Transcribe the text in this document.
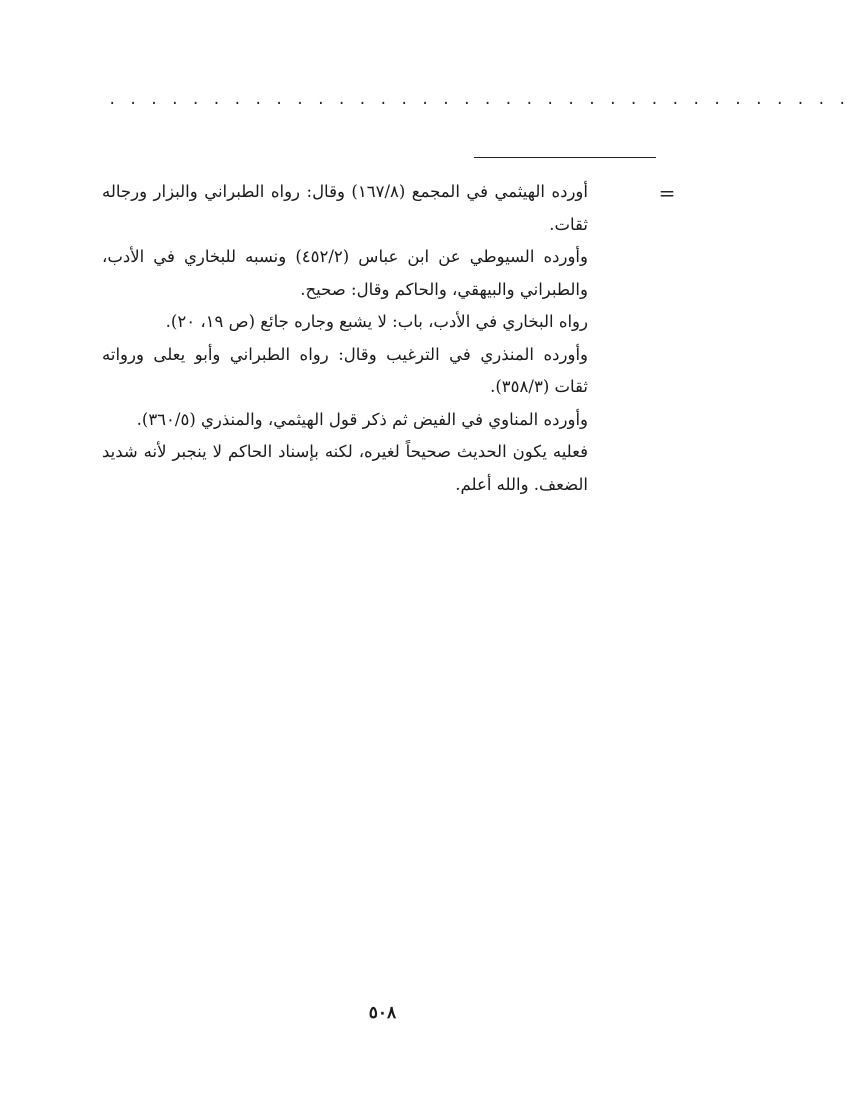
· · · · · · · · · · · · · · · · · · · · · · · · · · · · · · · · · · · ·
=

أورده الهيثمي في المجمع (١٦٧/٨) وقال: رواه الطبراني والبزار ورجاله ثقات.

وأورده السيوطي عن ابن عباس (٤٥٢/٢) ونسبه للبخاري في الأدب، والطبراني والبيهقي، والحاكم وقال: صحيح.

رواه البخاري في الأدب، باب: لا يشبع وجاره جائع (ص ١٩، ٢٠).

وأورده المنذري في الترغيب وقال: رواه الطبراني وأبو يعلى ورواته ثقات (٣٥٨/٣).

وأورده المناوي في الفيض ثم ذكر قول الهيثمي، والمنذري (٣٦٠/٥).

فعليه يكون الحديث صحيحاً لغيره، لكنه بإسناد الحاكم لا ينجبر لأنه شديد الضعف. والله أعلم.

٥٠٨
